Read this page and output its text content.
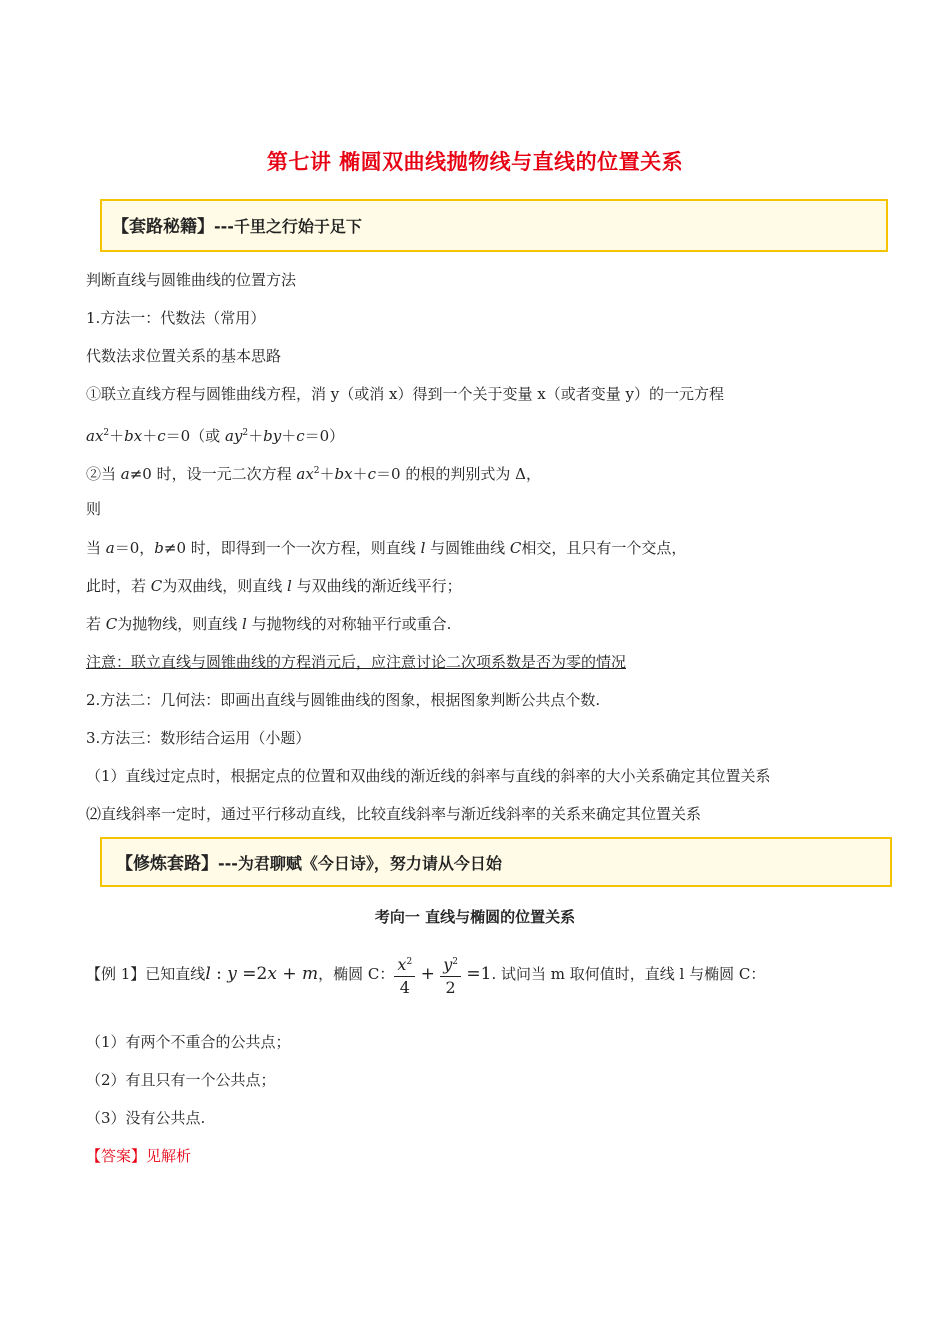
第七讲 椭圆双曲线抛物线与直线的位置关系
【套路秘籍】---千里之行始于足下
判断直线与圆锥曲线的位置方法
1.方法一：代数法（常用）
代数法求位置关系的基本思路
①联立直线方程与圆锥曲线方程，消 y（或消 x）得到一个关于变量 x（或者变量 y）的一元方程
$ax^2+bx+c=0$（或 $ay^2+by+c=0$）
②当 a≠0 时，设一元二次方程 $ax^2+bx+c=0$ 的根的判别式为 Δ，
则
当 a＝0，b≠0 时，即得到一个一次方程，则直线 l 与圆锥曲线 C相交，且只有一个交点，
此时，若 C为双曲线，则直线 l 与双曲线的渐近线平行；
若 C为抛物线，则直线 l 与抛物线的对称轴平行或重合.
注意：联立直线与圆锥曲线的方程消元后，应注意讨论二次项系数是否为零的情况
2.方法二：几何法：即画出直线与圆锥曲线的图象，根据图象判断公共点个数.
3.方法三：数形结合运用（小题）
（1）直线过定点时，根据定点的位置和双曲线的渐近线的斜率与直线的斜率的大小关系确定其位置关系
⑵直线斜率一定时，通过平行移动直线，比较直线斜率与渐近线斜率的关系来确定其位置关系
【修炼套路】---为君聊赋《今日诗》，努力请从今日始
考向一 直线与椭圆的位置关系
【例 1】已知直线l : y =2x + m，椭圆 C： $\frac{x^2}{4} + \frac{y^2}{2} =1$. 试问当 m 取何值时，直线 l 与椭圆 C：
（1）有两个不重合的公共点；
（2）有且只有一个公共点；
（3）没有公共点.
【答案】见解析
